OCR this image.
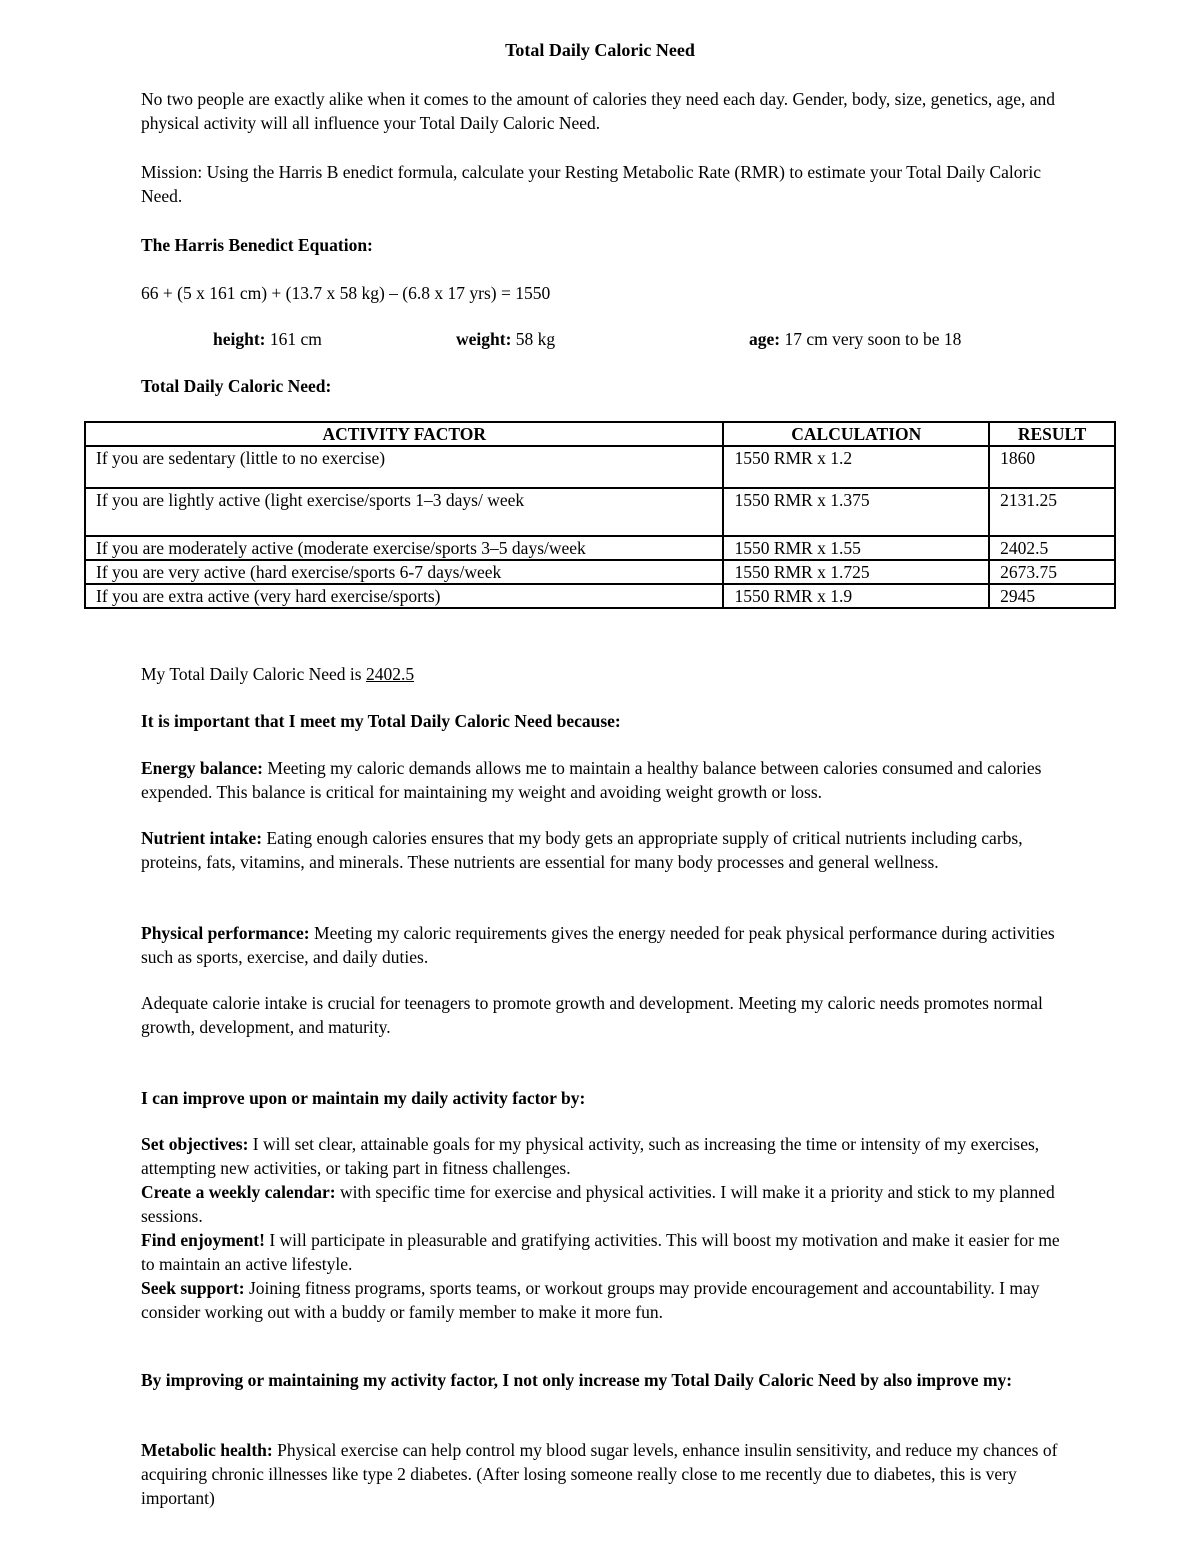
Total Daily Caloric Need

No two people are exactly alike when it comes to the amount of calories they need each day. Gender, body, size, genetics, age, and physical activity will all influence your Total Daily Caloric Need.

Mission: Using the Harris B enedict formula, calculate your Resting Metabolic Rate (RMR) to estimate your Total Daily Caloric Need.

The Harris Benedict Equation:

66 + (5 x 161 cm) + (13.7 x 58 kg) – (6.8 x 17 yrs) = 1550

height: 161 cm	weight: 58 kg	age: 17 cm very soon to be 18

Total Daily Caloric Need:

ACTIVITY FACTOR	CALCULATION	RESULT
If you are sedentary (little to no exercise)	1550 RMR x 1.2	1860
If you are lightly active (light exercise/sports 1–3 days/ week	1550 RMR x 1.375	2131.25
If you are moderately active (moderate exercise/sports 3–5 days/week	1550 RMR x 1.55	2402.5
If you are very active (hard exercise/sports 6-7 days/week	1550 RMR x 1.725	2673.75
If you are extra active (very hard exercise/sports)	1550 RMR x 1.9	2945

My Total Daily Caloric Need is 2402.5

It is important that I meet my Total Daily Caloric Need because:

Energy balance: Meeting my caloric demands allows me to maintain a healthy balance between calories consumed and calories expended. This balance is critical for maintaining my weight and avoiding weight growth or loss.

Nutrient intake: Eating enough calories ensures that my body gets an appropriate supply of critical nutrients including carbs, proteins, fats, vitamins, and minerals. These nutrients are essential for many body processes and general wellness.

Physical performance: Meeting my caloric requirements gives the energy needed for peak physical performance during activities such as sports, exercise, and daily duties.

Adequate calorie intake is crucial for teenagers to promote growth and development. Meeting my caloric needs promotes normal growth, development, and maturity.

I can improve upon or maintain my daily activity factor by:

Set objectives: I will set clear, attainable goals for my physical activity, such as increasing the time or intensity of my exercises, attempting new activities, or taking part in fitness challenges.
Create a weekly calendar: with specific time for exercise and physical activities. I will make it a priority and stick to my planned sessions.
Find enjoyment! I will participate in pleasurable and gratifying activities. This will boost my motivation and make it easier for me to maintain an active lifestyle.
Seek support: Joining fitness programs, sports teams, or workout groups may provide encouragement and accountability. I may consider working out with a buddy or family member to make it more fun.

By improving or maintaining my activity factor, I not only increase my Total Daily Caloric Need by also improve my:

Metabolic health: Physical exercise can help control my blood sugar levels, enhance insulin sensitivity, and reduce my chances of acquiring chronic illnesses like type 2 diabetes. (After losing someone really close to me recently due to diabetes, this is very important)
